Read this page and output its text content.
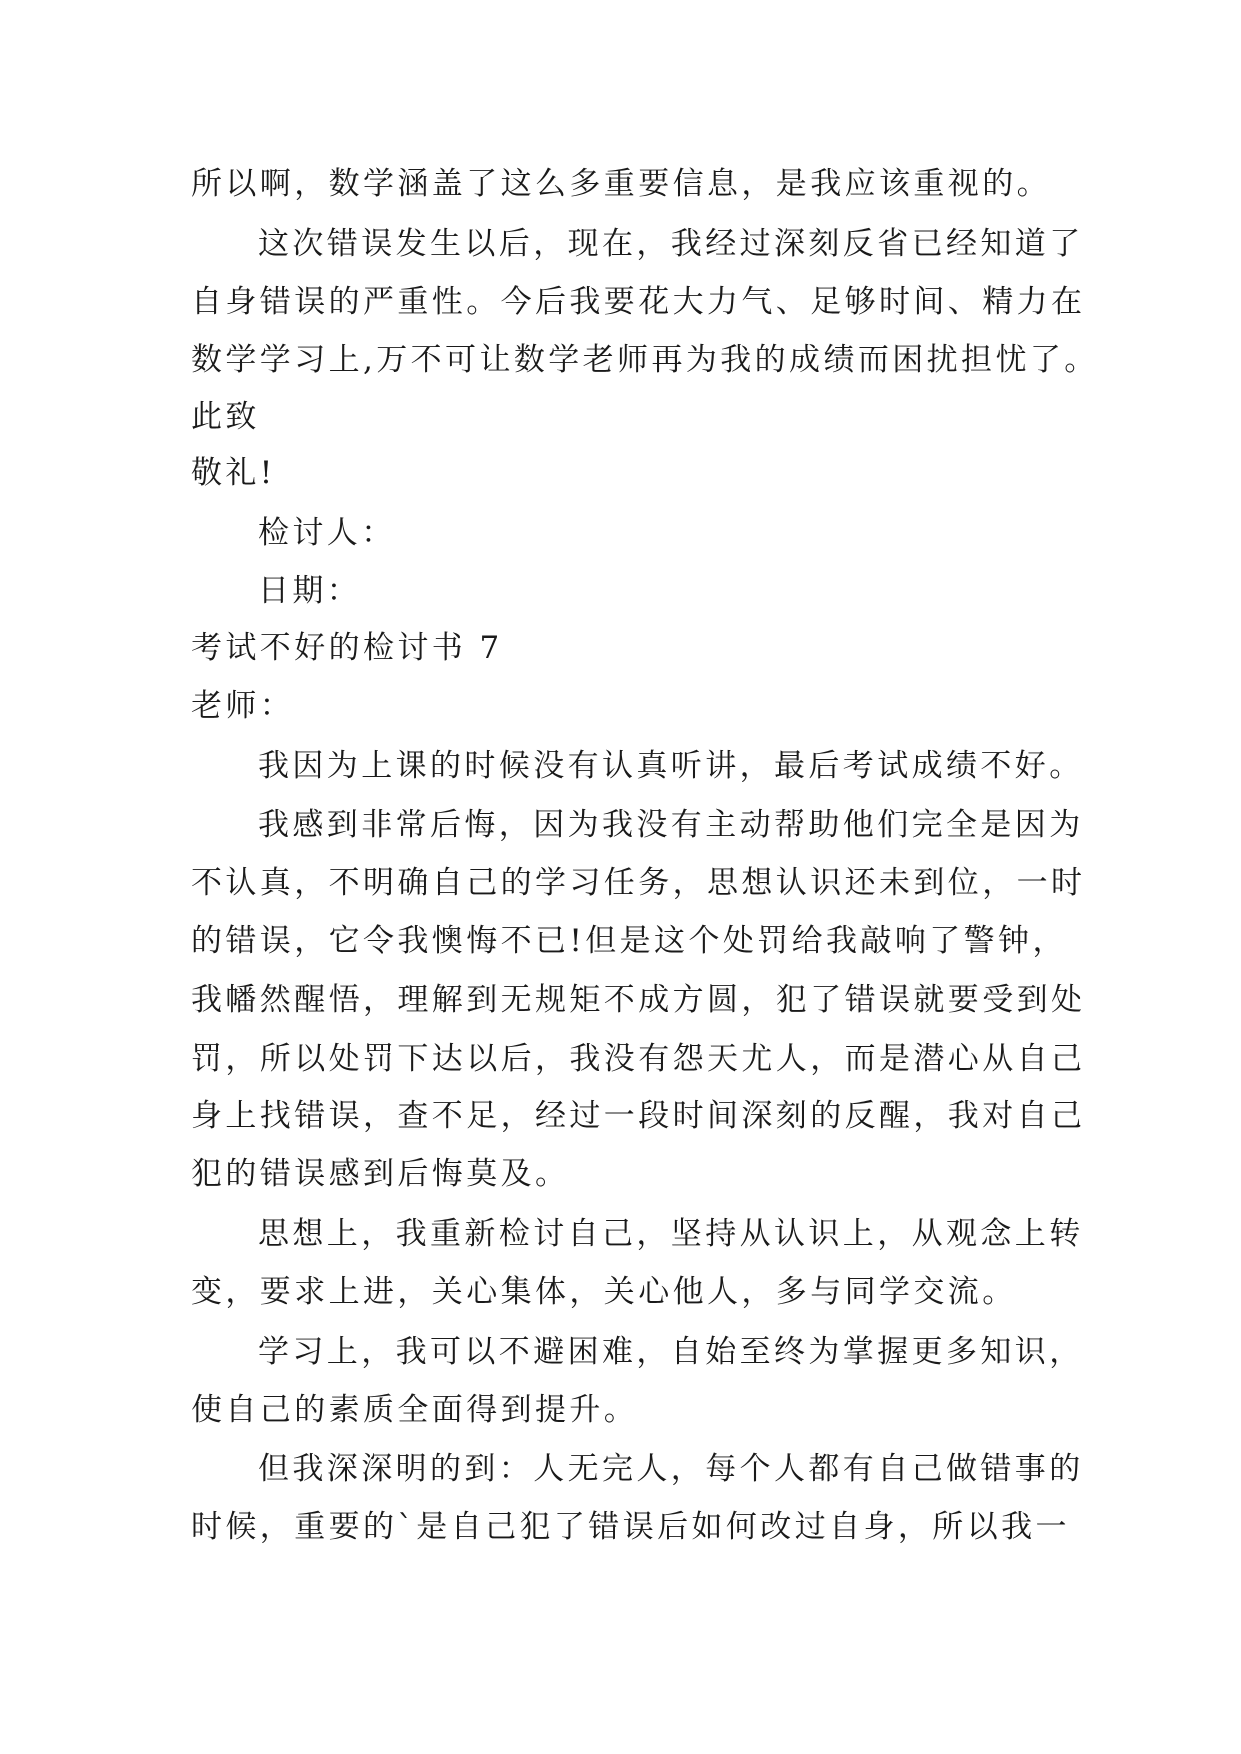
所以啊，数学涵盖了这么多重要信息，是我应该重视的。
这次错误发生以后，现在，我经过深刻反省已经知道了
自身错误的严重性。今后我要花大力气、足够时间、精力在
数学学习上,万不可让数学老师再为我的成绩而困扰担忧了。
此致
敬礼!
检讨人：
日期：
考试不好的检讨书 7
老师：
我因为上课的时候没有认真听讲，最后考试成绩不好。
我感到非常后悔，因为我没有主动帮助他们完全是因为
不认真，不明确自己的学习任务，思想认识还未到位，一时
的错误，它令我懊悔不已!但是这个处罚给我敲响了警钟，
我幡然醒悟，理解到无规矩不成方圆，犯了错误就要受到处
罚，所以处罚下达以后，我没有怨天尤人，而是潜心从自己
身上找错误，查不足，经过一段时间深刻的反醒，我对自己
犯的错误感到后悔莫及。
思想上，我重新检讨自己，坚持从认识上，从观念上转
变，要求上进，关心集体，关心他人，多与同学交流。
学习上，我可以不避困难，自始至终为掌握更多知识，
使自己的素质全面得到提升。
但我深深明的到：人无完人，每个人都有自己做错事的
时候，重要的`是自己犯了错误后如何改过自身，所以我一
